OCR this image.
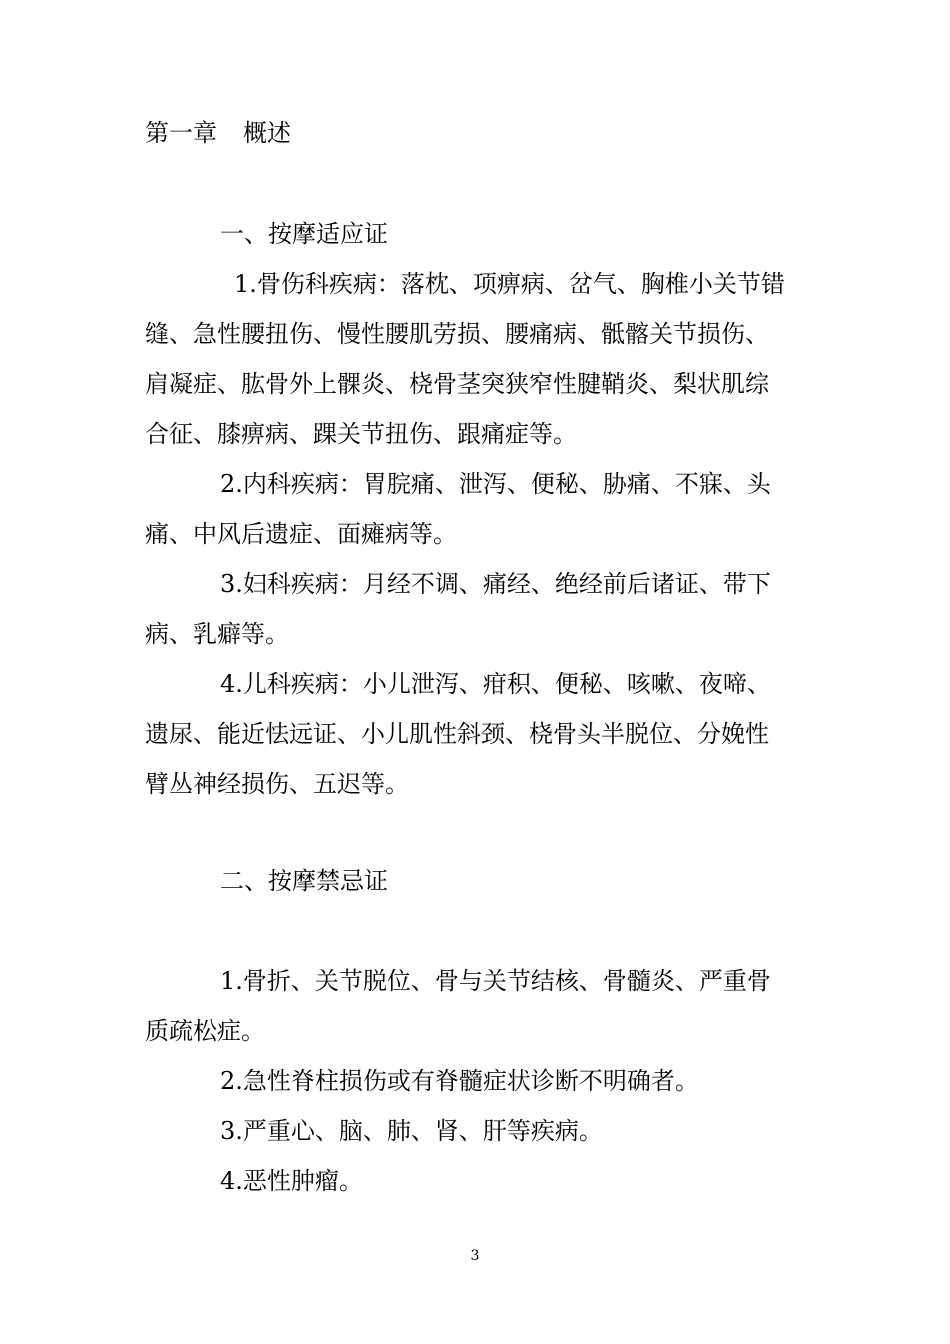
第一章 概述
一、按摩适应证
1.骨伤科疾病：落枕、项痹病、岔气、胸椎小关节错
缝、急性腰扭伤、慢性腰肌劳损、腰痛病、骶髂关节损伤、
肩凝症、肱骨外上髁炎、桡骨茎突狭窄性腱鞘炎、梨状肌综
合征、膝痹病、踝关节扭伤、跟痛症等。
2.内科疾病：胃脘痛、泄泻、便秘、胁痛、不寐、头
痛、中风后遗症、面瘫病等。
3.妇科疾病：月经不调、痛经、绝经前后诸证、带下
病、乳癖等。
4.儿科疾病：小儿泄泻、疳积、便秘、咳嗽、夜啼、
遗尿、能近怯远证、小儿肌性斜颈、桡骨头半脱位、分娩性
臂丛神经损伤、五迟等。
二、按摩禁忌证
1.骨折、关节脱位、骨与关节结核、骨髓炎、严重骨
质疏松症。
2.急性脊柱损伤或有脊髓症状诊断不明确者。
3.严重心、脑、肺、肾、肝等疾病。
4.恶性肿瘤。
3
